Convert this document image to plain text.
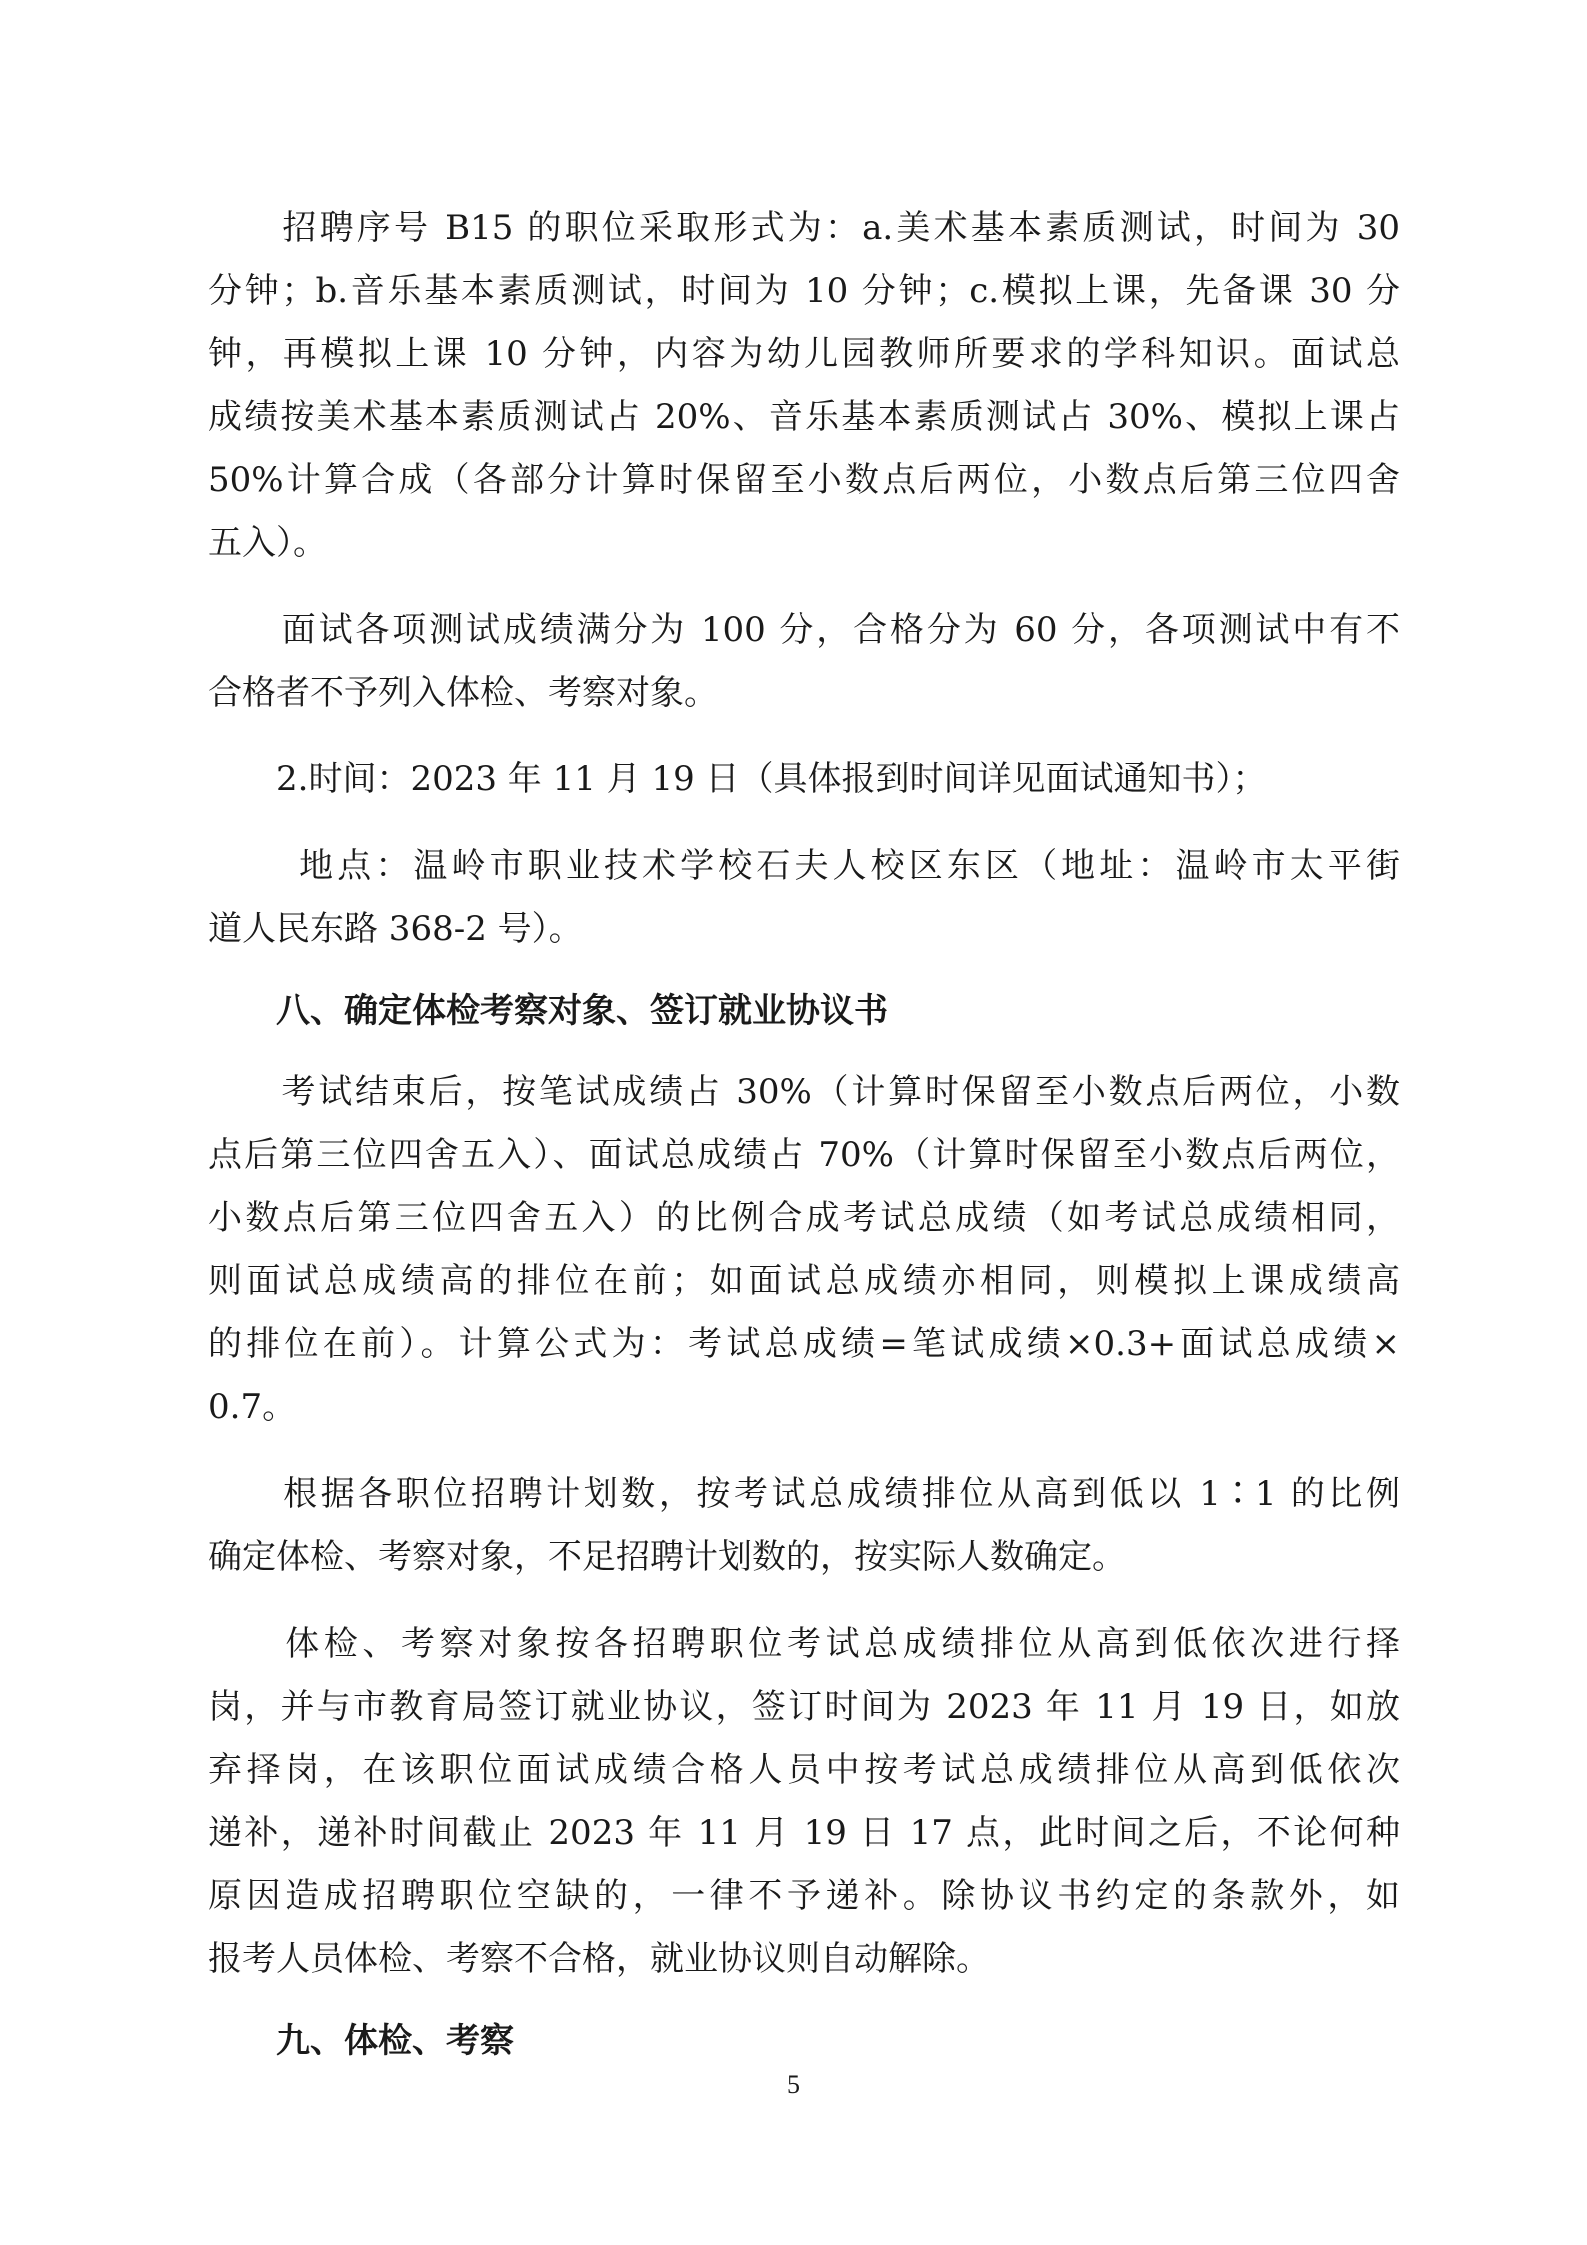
　　招聘序号 B15 的职位采取形式为：a.美术基本素质测试，时间为 30
分钟；b.音乐基本素质测试，时间为 10 分钟；c.模拟上课，先备课 30 分
钟，再模拟上课 10 分钟，内容为幼儿园教师所要求的学科知识。面试总
成绩按美术基本素质测试占 20%、音乐基本素质测试占 30%、模拟上课占
50%计算合成（各部分计算时保留至小数点后两位，小数点后第三位四舍
五入）。
　　面试各项测试成绩满分为 100 分，合格分为 60 分，各项测试中有不
合格者不予列入体检、考察对象。
　　2.时间：2023 年 11 月 19 日（具体报到时间详见面试通知书）；
　　 地点：温岭市职业技术学校石夫人校区东区（地址：温岭市太平街
道人民东路 368-2 号）。
　　八、确定体检考察对象、签订就业协议书
　　考试结束后，按笔试成绩占 30%（计算时保留至小数点后两位，小数
点后第三位四舍五入）、面试总成绩占 70%（计算时保留至小数点后两位，
小数点后第三位四舍五入）的比例合成考试总成绩（如考试总成绩相同，
则面试总成绩高的排位在前；如面试总成绩亦相同，则模拟上课成绩高
的排位在前）。计算公式为：考试总成绩=笔试成绩×0.3+面试总成绩×
0.7。
　　根据各职位招聘计划数，按考试总成绩排位从高到低以 1∶1 的比例
确定体检、考察对象，不足招聘计划数的，按实际人数确定。
　　体检、考察对象按各招聘职位考试总成绩排位从高到低依次进行择
岗，并与市教育局签订就业协议，签订时间为 2023 年 11 月 19 日，如放
弃择岗，在该职位面试成绩合格人员中按考试总成绩排位从高到低依次
递补，递补时间截止 2023 年 11 月 19 日 17 点，此时间之后，不论何种
原因造成招聘职位空缺的，一律不予递补。除协议书约定的条款外，如
报考人员体检、考察不合格，就业协议则自动解除。
　　九、体检、考察
5
